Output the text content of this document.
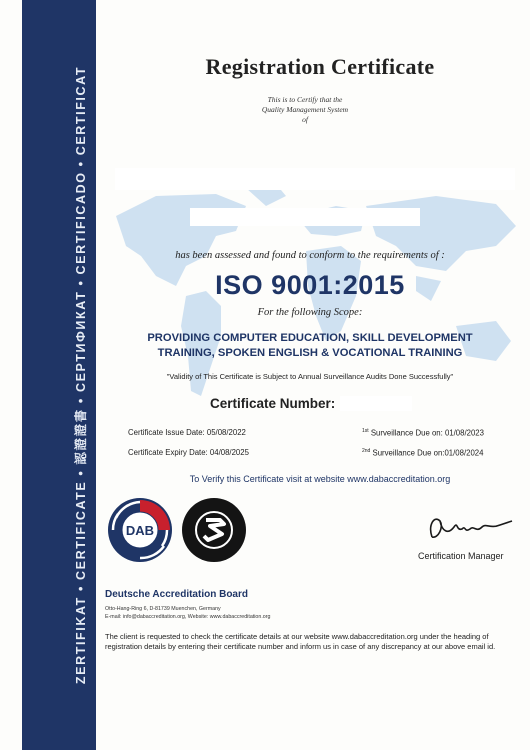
ZERTIFIKAT • CERTIFICATE • 認證證書 • СЕРТИФИКАТ • CERTIFICADO • CERTIFICAT	Registration Certificate
This is to Certify that the
Quality Management System
of
has been assessed and found to conform to the requirements of :
ISO 9001:2015
For the following Scope:
PROVIDING COMPUTER EDUCATION, SKILL DEVELOPMENT
TRAINING, SPOKEN ENGLISH & VOCATIONAL TRAINING
"Validity of This Certificate is Subject to Annual Surveillance Audits Done Successfully"
Certificate Number:
Certificate Issue Date: 05/08/2022
Certificate Expiry Date: 04/08/2025
$^{1st}$ Surveillance Due on: 01/08/2023
$^{2nd}$ Surveillance Due on:01/08/2024
To Verify this Certificate visit at website www.dabaccreditation.org
DAB
Certification Manager
Deutsche Accreditation Board
Otto-Hang-Ring 6, D-81739 Muenchen, Germany
E-mail: info@dabaccreditation.org, Website: www.dabaccreditation.org
The client is requested to check the certificate details at our website www.dabaccreditation.org under the heading of registration details by entering their certificate number and inform us in case of any discrepancy at our above email id.
